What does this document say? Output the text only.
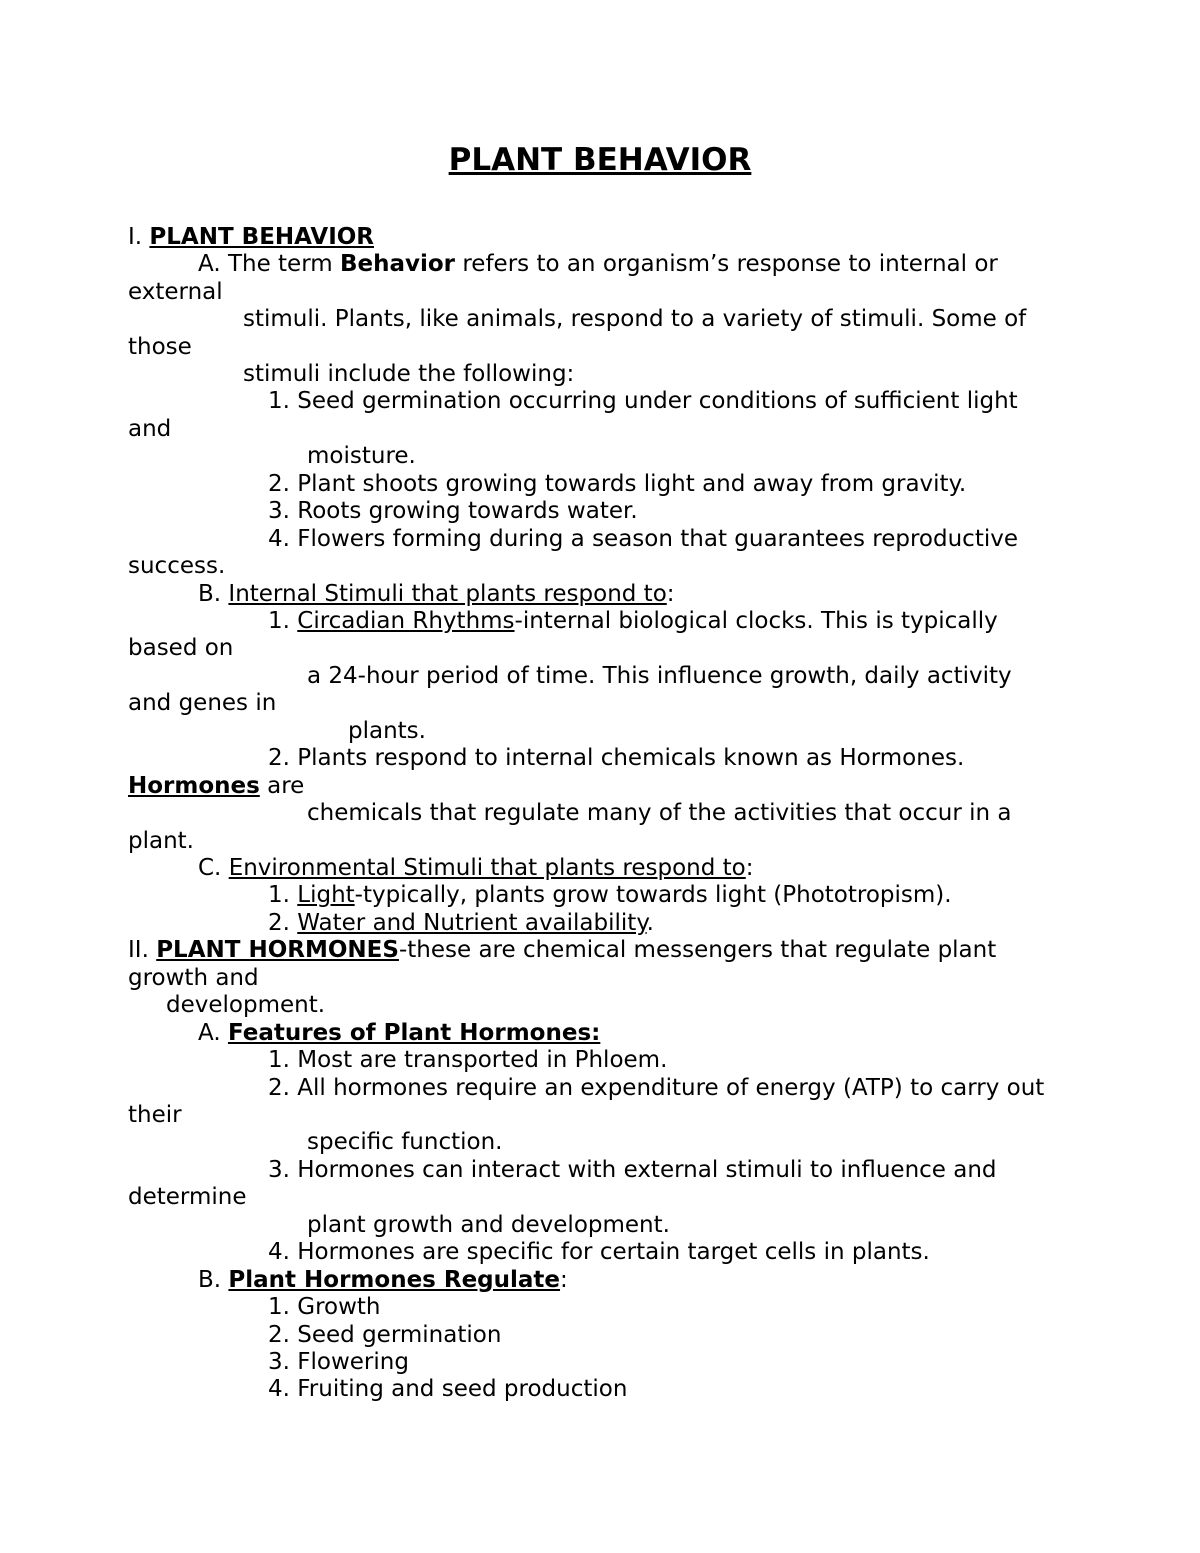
PLANT BEHAVIOR
I. PLANT BEHAVIOR
A. The term Behavior refers to an organism’s response to internal or
external
stimuli. Plants, like animals, respond to a variety of stimuli. Some of
those
stimuli include the following:
1. Seed germination occurring under conditions of sufficient light
and
moisture.
2. Plant shoots growing towards light and away from gravity.
3. Roots growing towards water.
4. Flowers forming during a season that guarantees reproductive
success.
B. Internal Stimuli that plants respond to:
1. Circadian Rhythms-internal biological clocks. This is typically
based on
a 24-hour period of time. This influence growth, daily activity
and genes in
plants.
2. Plants respond to internal chemicals known as Hormones.
Hormones are
chemicals that regulate many of the activities that occur in a
plant.
C. Environmental Stimuli that plants respond to:
1. Light-typically, plants grow towards light (Phototropism).
2. Water and Nutrient availability.
II. PLANT HORMONES-these are chemical messengers that regulate plant
growth and
development.
A. Features of Plant Hormones:
1. Most are transported in Phloem.
2. All hormones require an expenditure of energy (ATP) to carry out
their
specific function.
3. Hormones can interact with external stimuli to influence and
determine
plant growth and development.
4. Hormones are specific for certain target cells in plants.
B. Plant Hormones Regulate:
1. Growth
2. Seed germination
3. Flowering
4. Fruiting and seed production
